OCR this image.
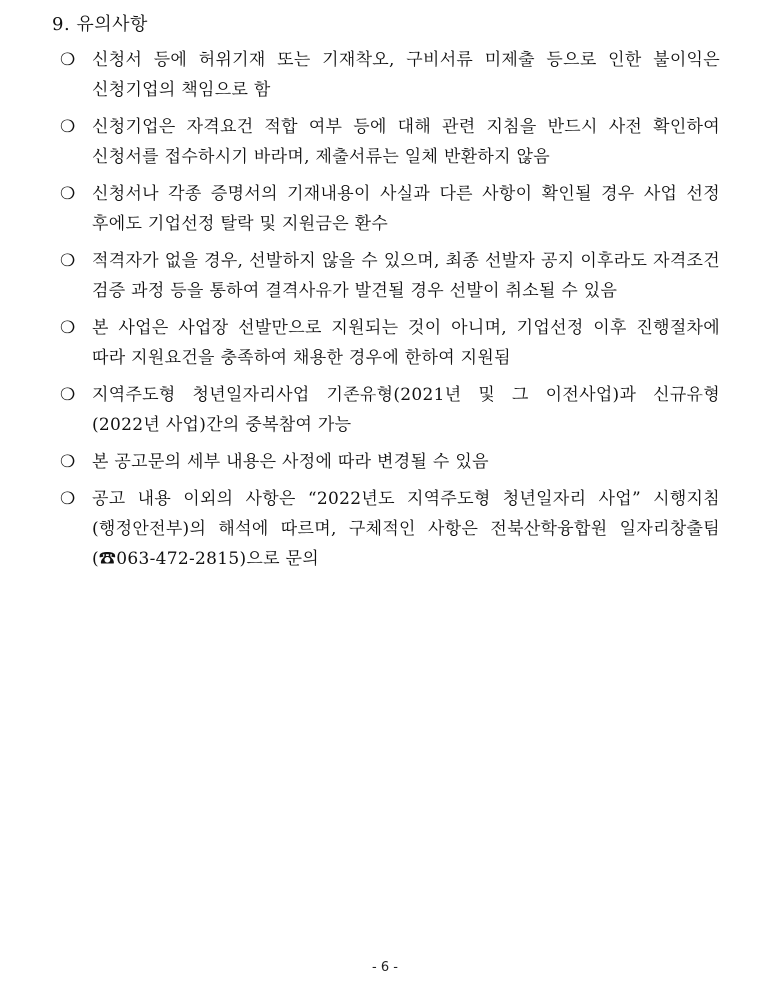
9. 유의사항
❍ 신청서 등에 허위기재 또는 기재착오, 구비서류 미제출 등으로 인한 불이익은 신청기업의 책임으로 함
❍ 신청기업은 자격요건 적합 여부 등에 대해 관련 지침을 반드시 사전 확인하여 신청서를 접수하시기 바라며, 제출서류는 일체 반환하지 않음
❍ 신청서나 각종 증명서의 기재내용이 사실과 다른 사항이 확인될 경우 사업 선정 후에도 기업선정 탈락 및 지원금은 환수
❍ 적격자가 없을 경우, 선발하지 않을 수 있으며, 최종 선발자 공지 이후라도 자격조건 검증 과정 등을 통하여 결격사유가 발견될 경우 선발이 취소될 수 있음
❍ 본 사업은 사업장 선발만으로 지원되는 것이 아니며, 기업선정 이후 진행절차에 따라 지원요건을 충족하여 채용한 경우에 한하여 지원됨
❍ 지역주도형 청년일자리사업 기존유형(2021년 및 그 이전사업)과 신규유형(2022년 사업)간의 중복참여 가능
❍ 본 공고문의 세부 내용은 사정에 따라 변경될 수 있음
❍ 공고 내용 이외의 사항은 “2022년도 지역주도형 청년일자리 사업” 시행지침(행정안전부)의 해석에 따르며, 구체적인 사항은 전북산학융합원 일자리창출팀(☎063-472-2815)으로 문의
- 6 -
